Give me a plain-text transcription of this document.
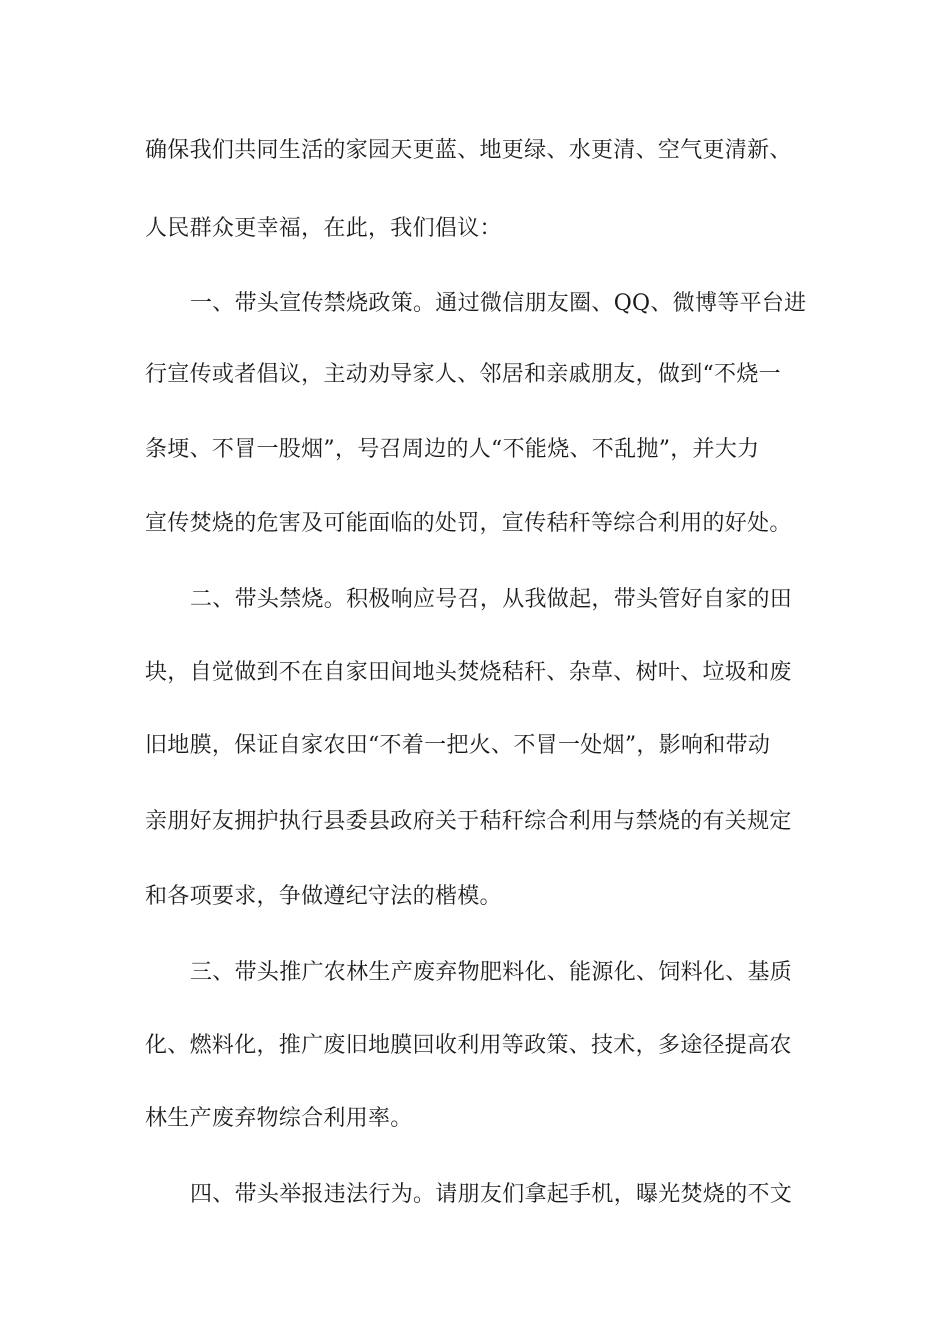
确保我们共同生活的家园天更蓝、地更绿、水更清、空气更清新、
人民群众更幸福，在此，我们倡议：
一、带头宣传禁烧政策。通过微信朋友圈、QQ、微博等平台进
行宣传或者倡议，主动劝导家人、邻居和亲戚朋友，做到“不烧一
条埂、不冒一股烟”，号召周边的人“不能烧、不乱抛”，并大力
宣传焚烧的危害及可能面临的处罚，宣传秸秆等综合利用的好处。
二、带头禁烧。积极响应号召，从我做起，带头管好自家的田
块，自觉做到不在自家田间地头焚烧秸秆、杂草、树叶、垃圾和废
旧地膜，保证自家农田“不着一把火、不冒一处烟”，影响和带动
亲朋好友拥护执行县委县政府关于秸秆综合利用与禁烧的有关规定
和各项要求，争做遵纪守法的楷模。
三、带头推广农林生产废弃物肥料化、能源化、饲料化、基质
化、燃料化，推广废旧地膜回收利用等政策、技术，多途径提高农
林生产废弃物综合利用率。
四、带头举报违法行为。请朋友们拿起手机，曝光焚烧的不文
